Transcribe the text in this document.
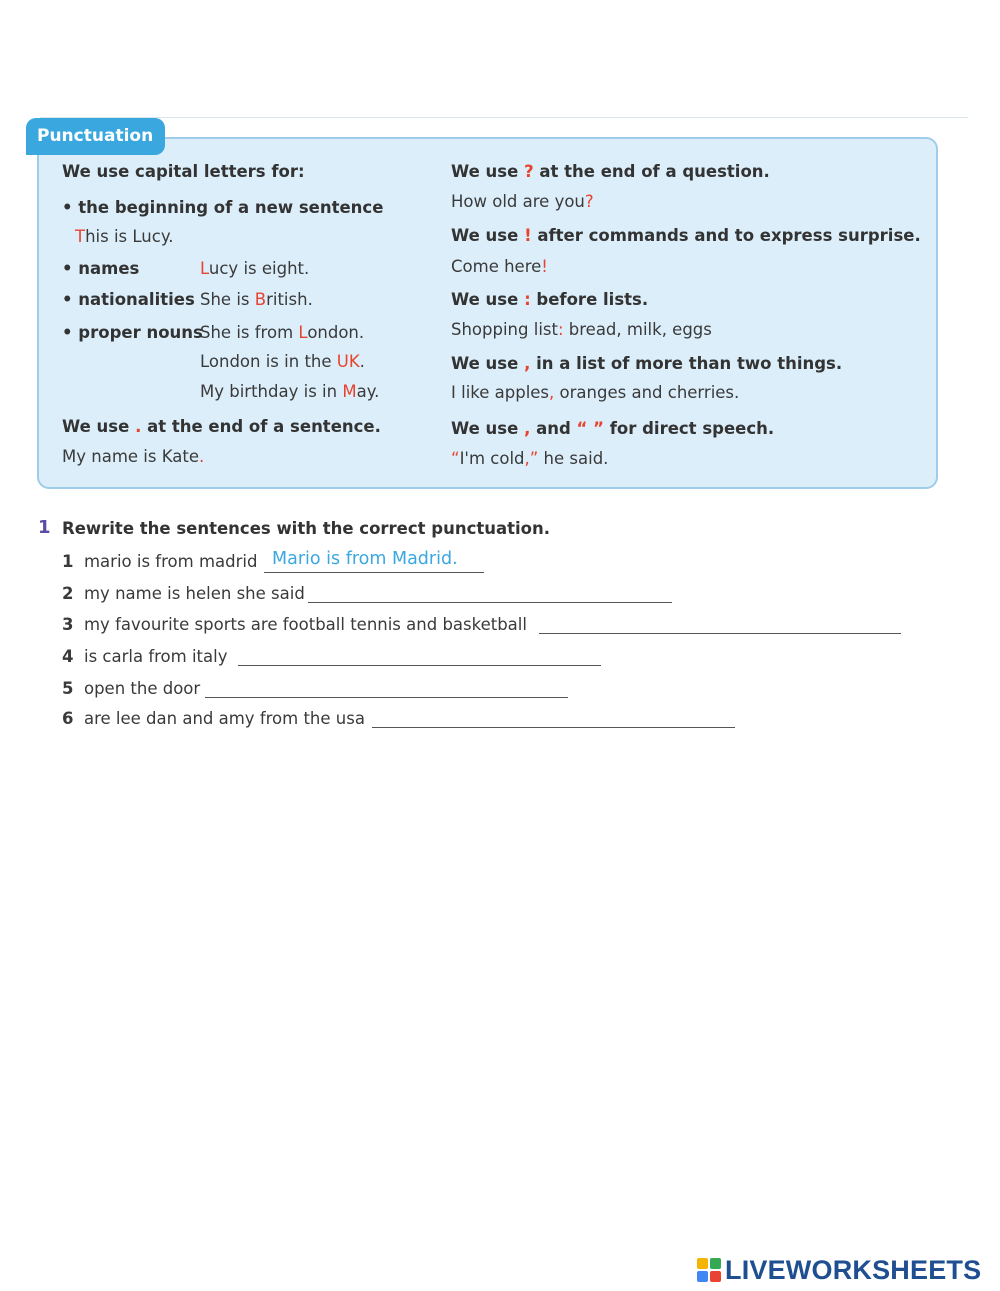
Punctuation
We use capital letters for:
• the beginning of a new sentence
This is Lucy.
• names	Lucy is eight.
• nationalities She is British.
• proper nouns
She is from London.
London is in the UK.
My birthday is in May.
We use . at the end of a sentence.
My name is Kate.
We use ? at the end of a question.
How old are you?
We use ! after commands and to express surprise.
Come here!
We use : before lists.
Shopping list: bread, milk, eggs
We use , in a list of more than two things.
I like apples, oranges and cherries.
We use , and “ ” for direct speech.
“I'm cold,” he said.
1 Rewrite the sentences with the correct punctuation.
1 mario is from madrid Mario is from Madrid.
2 my name is helen she said
3 my favourite sports are football tennis and basketball
4 is carla from italy
5 open the door
6 are lee dan and amy from the usa
LIVEWORKSHEETS
